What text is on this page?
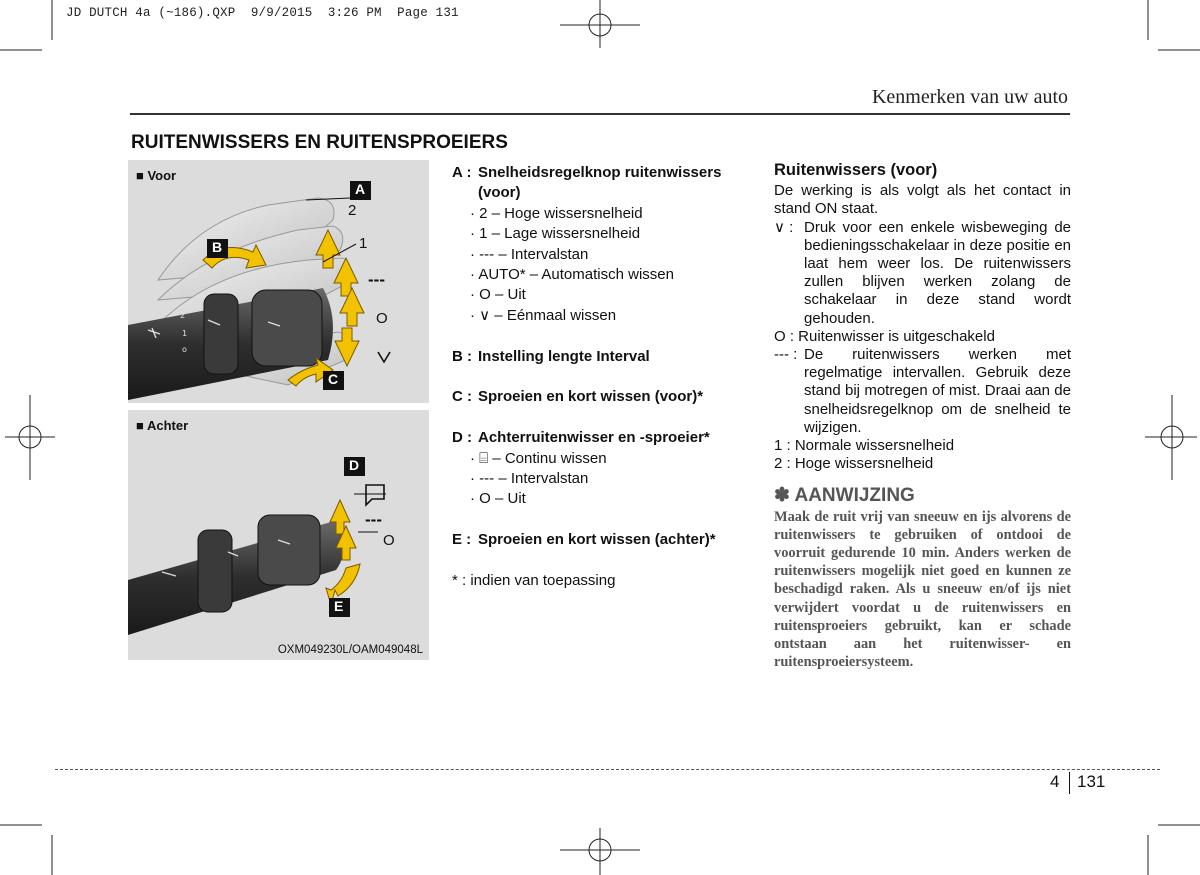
JD DUTCH 4a (~186).QXP  9/9/2015  3:26 PM  Page 131
Kenmerken van uw auto
RUITENWISSERS EN RUITENSPROEIERS
2
1
o
A
B
C
D
E
2
1
---
O
---
O
■ Voor
■ Achter
OXM049230L/OAM049048L
A : Snelheidsregelknop ruitenwissers (voor)
· 2 – Hoge wissersnelheid
· 1 – Lage wissersnelheid
· --- – Intervalstan
· AUTO* – Automatisch wissen
· O – Uit
· ∨ – Eénmaal wissen
B : Instelling lengte Interval
C : Sproeien en kort wissen (voor)*
D : Achterruitenwisser en -sproeier*
· ⌸ – Continu wissen
· --- – Intervalstan
· O – Uit
E : Sproeien en kort wissen (achter)*
* : indien van toepassing
Ruitenwissers (voor)
De werking is als volgt als het contact in stand ON staat.
∨ : Druk voor een enkele wisbeweging de bedieningsschakelaar in deze positie en laat hem weer los. De ruitenwissers zullen blijven werken zolang de schakelaar in deze stand wordt gehouden.
O : Ruitenwisser is uitgeschakeld
--- : De ruitenwissers werken met regelmatige intervallen. Gebruik deze stand bij motregen of mist. Draai aan de snelheidsregelknop om de snelheid te wijzigen.
1 : Normale wissersnelheid
2 : Hoge wissersnelheid
✽ AANWIJZING
Maak de ruit vrij van sneeuw en ijs alvorens de ruitenwissers te gebruiken of ontdooi de voorruit gedurende 10 min. Anders werken de ruitenwissers mogelijk niet goed en kunnen ze beschadigd raken. Als u sneeuw en/of ijs niet verwijdert voordat u de ruitenwissers en ruitensproeiers gebruikt, kan er schade ontstaan aan het ruitenwisser- en ruitensproeiersysteem.
4 131
